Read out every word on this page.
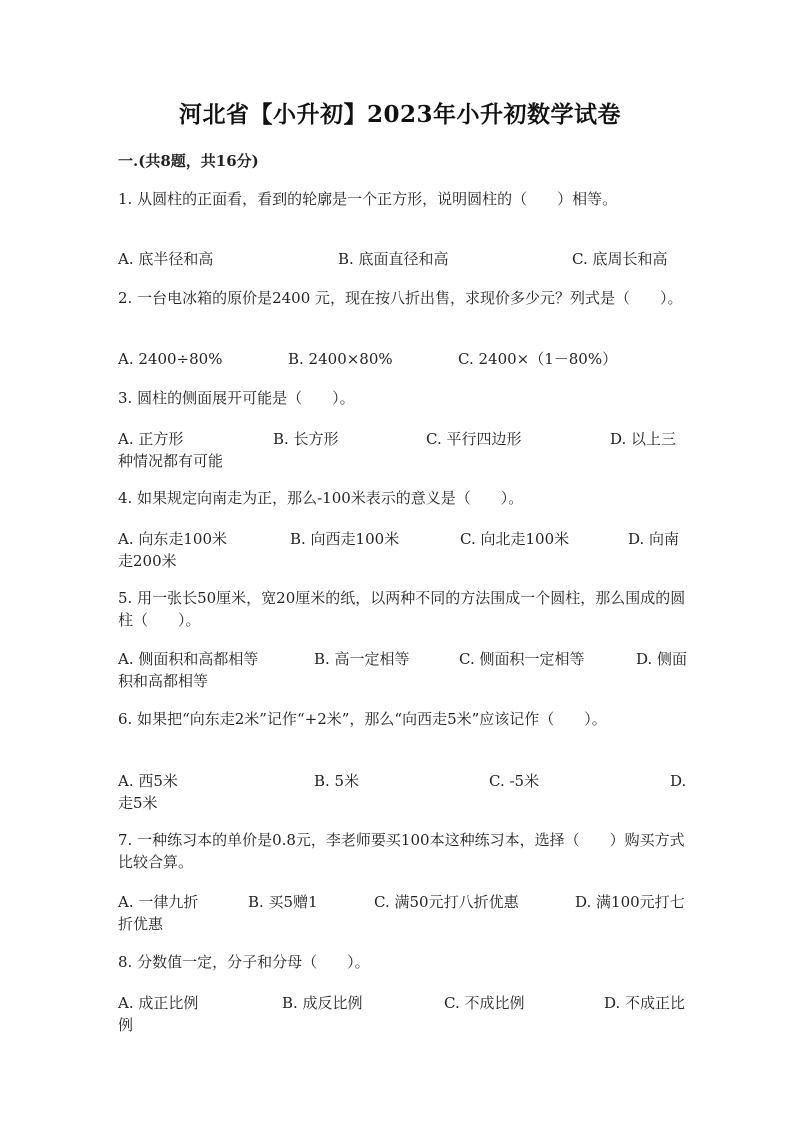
河北省【小升初】2023年小升初数学试卷
一.(共8题，共16分)
1. 从圆柱的正面看，看到的轮廓是一个正方形，说明圆柱的（　　）相等。
A. 底半径和高	B. 底面直径和高	C. 底周长和高
2. 一台电冰箱的原价是2400 元，现在按八折出售，求现价多少元？列式是（　　）。
A. 2400÷80%	B. 2400×80%	C. 2400×（1－80%）
3. 圆柱的侧面展开可能是（　　）。
A. 正方形	B. 长方形	C. 平行四边形	D. 以上三种情况都有可能
4. 如果规定向南走为正，那么-100米表示的意义是（　　）。
A. 向东走100米	B. 向西走100米	C. 向北走100米	D. 向南走200米
5. 用一张长50厘米，宽20厘米的纸，以两种不同的方法围成一个圆柱，那么围成的圆柱（　　）。
A. 侧面积和高都相等	B. 高一定相等	C. 侧面积一定相等	D. 侧面积和高都相等
6. 如果把“向东走2米”记作“+2米”，那么“向西走5米”应该记作（　　）。
A. 西5米	B. 5米	C. -5米	D. 走5米
7. 一种练习本的单价是0.8元，李老师要买100本这种练习本，选择（　　）购买方式比较合算。
A. 一律九折	B. 买5赠1	C. 满50元打八折优惠	D. 满100元打七折优惠
8. 分数值一定，分子和分母（　　）。
A. 成正比例	B. 成反比例	C. 不成比例	D. 不成正比例
